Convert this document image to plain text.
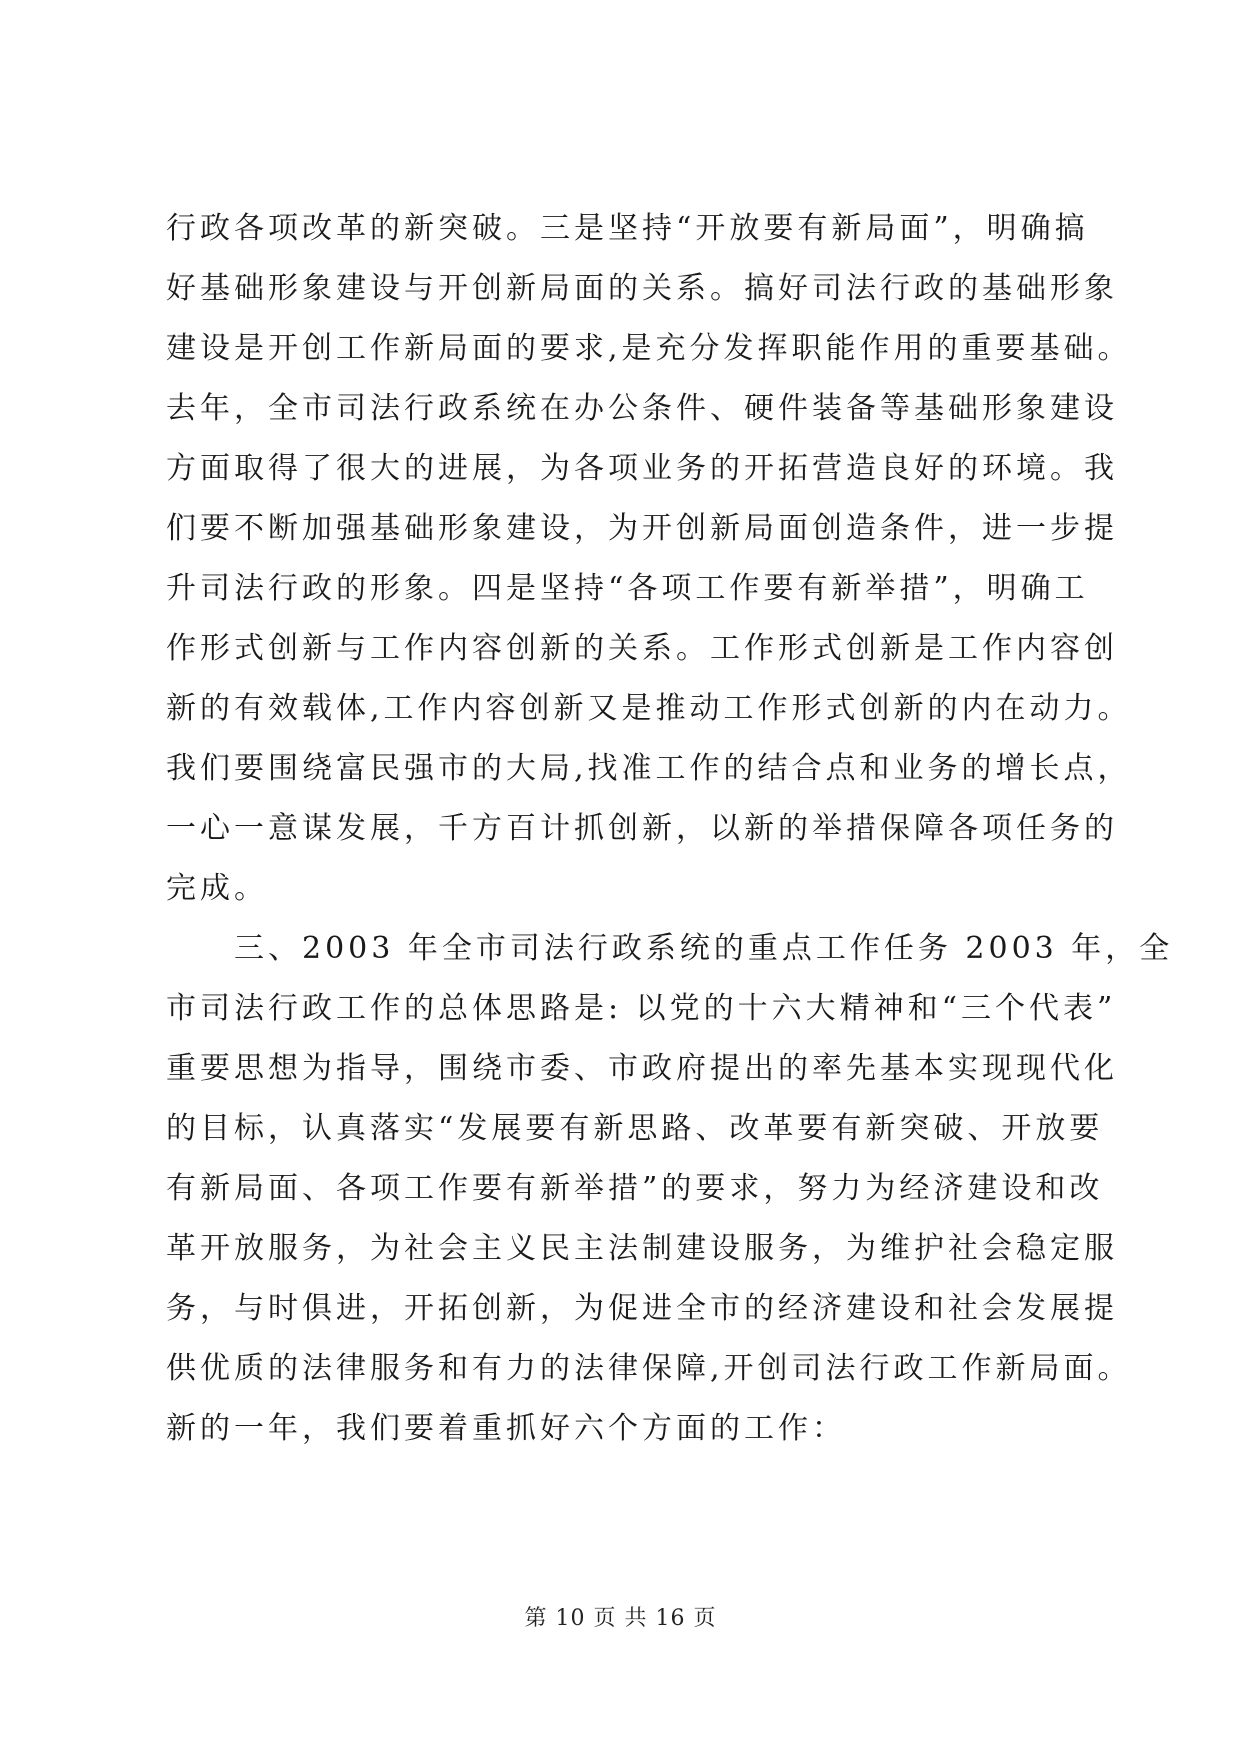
行政各项改革的新突破。三是坚持“开放要有新局面”，明确搞
好基础形象建设与开创新局面的关系。搞好司法行政的基础形象
建设是开创工作新局面的要求,是充分发挥职能作用的重要基础。
去年，全市司法行政系统在办公条件、硬件装备等基础形象建设
方面取得了很大的进展，为各项业务的开拓营造良好的环境。我
们要不断加强基础形象建设，为开创新局面创造条件，进一步提
升司法行政的形象。四是坚持“各项工作要有新举措”，明确工
作形式创新与工作内容创新的关系。工作形式创新是工作内容创
新的有效载体,工作内容创新又是推动工作形式创新的内在动力。
我们要围绕富民强市的大局,找准工作的结合点和业务的增长点，
一心一意谋发展，千方百计抓创新，以新的举措保障各项任务的
完成。
　　三、2003 年全市司法行政系统的重点工作任务 2003 年，全
市司法行政工作的总体思路是: 以党的十六大精神和“三个代表”
重要思想为指导，围绕市委、市政府提出的率先基本实现现代化
的目标，认真落实“发展要有新思路、改革要有新突破、开放要
有新局面、各项工作要有新举措”的要求，努力为经济建设和改
革开放服务，为社会主义民主法制建设服务，为维护社会稳定服
务，与时俱进，开拓创新，为促进全市的经济建设和社会发展提
供优质的法律服务和有力的法律保障,开创司法行政工作新局面。
新的一年，我们要着重抓好六个方面的工作：
第 10 页 共 16 页
